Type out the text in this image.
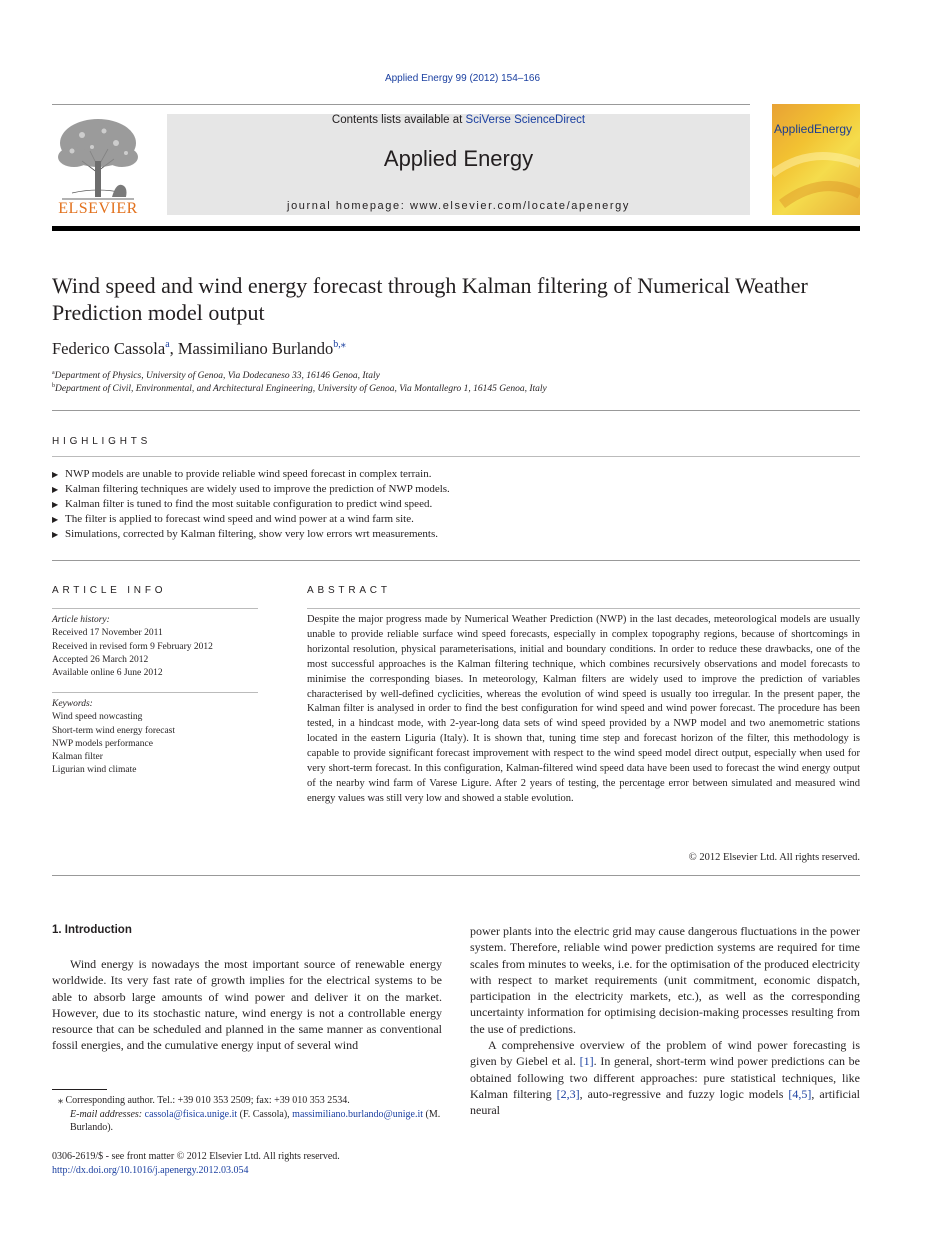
Applied Energy 99 (2012) 154–166
ELSEVIER
Contents lists available at SciVerse ScienceDirect
Applied Energy
journal homepage: www.elsevier.com/locate/apenergy
AppliedEnergy
Wind speed and wind energy forecast through Kalman filtering of Numerical Weather Prediction model output
Federico Cassola$^a$, Massimiliano Burlando$^{b,⁎}$
$^a$Department of Physics, University of Genoa, Via Dodecaneso 33, 16146 Genoa, Italy
$^b$Department of Civil, Environmental, and Architectural Engineering, University of Genoa, Via Montallegro 1, 16145 Genoa, Italy
HIGHLIGHTS
▶ NWP models are unable to provide reliable wind speed forecast in complex terrain.
▶ Kalman filtering techniques are widely used to improve the prediction of NWP models.
▶ Kalman filter is tuned to find the most suitable configuration to predict wind speed.
▶ The filter is applied to forecast wind speed and wind power at a wind farm site.
▶ Simulations, corrected by Kalman filtering, show very low errors wrt measurements.
ARTICLE INFO
Article history:
Received 17 November 2011
Received in revised form 9 February 2012
Accepted 26 March 2012
Available online 6 June 2012
Keywords:
Wind speed nowcasting
Short-term wind energy forecast
NWP models performance
Kalman filter
Ligurian wind climate
ABSTRACT
Despite the major progress made by Numerical Weather Prediction (NWP) in the last decades, meteorological models are usually unable to provide reliable surface wind speed forecasts, especially in complex topography regions, because of shortcomings in horizontal resolution, physical parameterisations, initial and boundary conditions. In order to reduce these drawbacks, one of the most successful approaches is the Kalman filtering technique, which combines recursively observations and model forecasts to minimise the corresponding biases. In meteorology, Kalman filters are widely used to improve the prediction of variables characterised by well-defined cyclicities, whereas the evolution of wind speed is usually too irregular. In the present paper, the Kalman filter is analysed in order to find the best configuration for wind speed and wind power forecast. The procedure has been tested, in a hindcast mode, with 2-year-long data sets of wind speed provided by a NWP model and two anemometric stations located in the eastern Liguria (Italy). It is shown that, tuning time step and forecast horizon of the filter, this methodology is capable to provide significant forecast improvement with respect to the wind speed model direct output, especially when used for very short-term forecast. In this configuration, Kalman-filtered wind speed data have been used to forecast the wind energy output of the nearby wind farm of Varese Ligure. After 2 years of testing, the percentage error between simulated and measured wind energy values was still very low and showed a stable evolution.
© 2012 Elsevier Ltd. All rights reserved.
1. Introduction

Wind energy is nowadays the most important source of renewable energy worldwide. Its very fast rate of growth implies for the electrical systems to be able to absorb large amounts of wind power and deliver it on the market. However, due to its stochastic nature, wind energy is not a controllable energy resource that can be scheduled and planned in the same manner as conventional fossil energies, and the cumulative energy input of several wind

power plants into the electric grid may cause dangerous fluctuations in the power system. Therefore, reliable wind power prediction systems are required for time scales from minutes to weeks, i.e. for the optimisation of the produced electricity with respect to market requirements (unit commitment, economic dispatch, participation in the electricity markets, etc.), as well as the corresponding uncertainty information for optimising decision-making processes resulting from the use of predictions.

A comprehensive overview of the problem of wind power forecasting is given by Giebel et al. [1]. In general, short-term wind power predictions can be obtained following two different approaches: pure statistical techniques, like Kalman filtering [2,3], auto-regressive and fuzzy logic models [4,5], artificial neural

⁎ Corresponding author. Tel.: +39 010 353 2509; fax: +39 010 353 2534.
E-mail addresses: cassola@fisica.unige.it (F. Cassola), massimiliano.burlando@unige.it (M. Burlando).
0306-2619/$ - see front matter © 2012 Elsevier Ltd. All rights reserved.
http://dx.doi.org/10.1016/j.apenergy.2012.03.054
